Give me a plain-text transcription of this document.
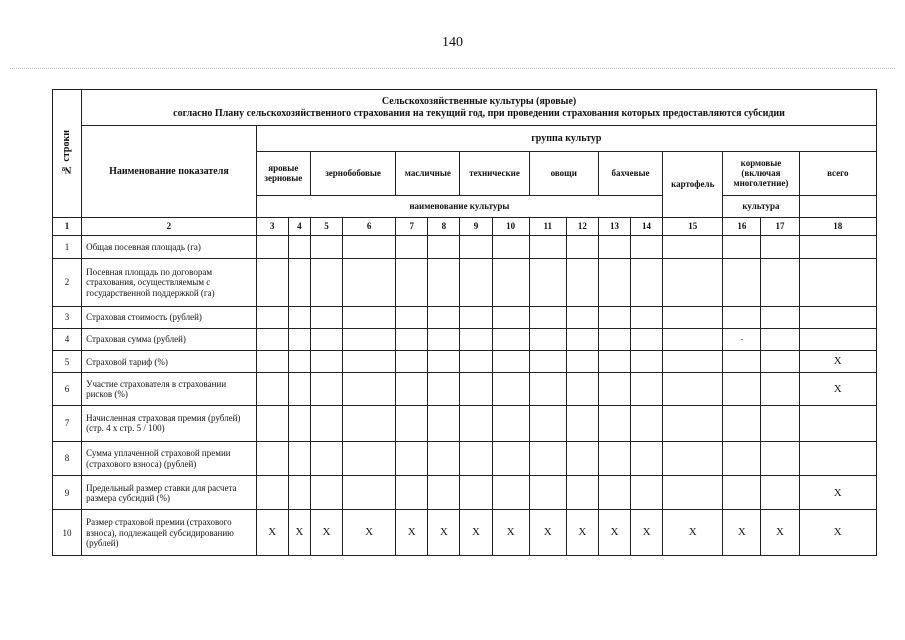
140
№ строки	Сельскохозяйственные культуры (яровые)
согласно Плану сельскохозяйственного страхования на текущий год, при проведении страхования которых предоставляются субсидии																

	Наименование показателя	группа культур															
		яровые зерновые		зернобобовые		масличные		технические		овощи		бахчевые		картофель	кормовые (включая многолетние)		всего
		наименование культуры													культура		
1	2	3	4	5	6	7	8	9	10	11	12	13	14	15	16	17	18
1	Общая посевная площадь (га)																
2	Посевная площадь по договорам страхования, осуществляемым с государственной поддержкой (га)																
3	Страховая стоимость (рублей)																
4	Страховая сумма (рублей)														-		
5	Страховой тариф (%)																X
6	Участие страхователя в страховании рисков (%)																X
7	Начисленная страховая премия (рублей) (стр. 4 х стр. 5 / 100)																
8	Сумма уплаченной страховой премии (страхового взноса) (рублей)																
9	Предельный размер ставки для расчета размера субсидий (%)																X
10	Размер страховой премии (страхового взноса), подлежащей субсидированию (рублей)	X	X	X	X	X	X	X	X	X	X	X	X	X	X	X	X
